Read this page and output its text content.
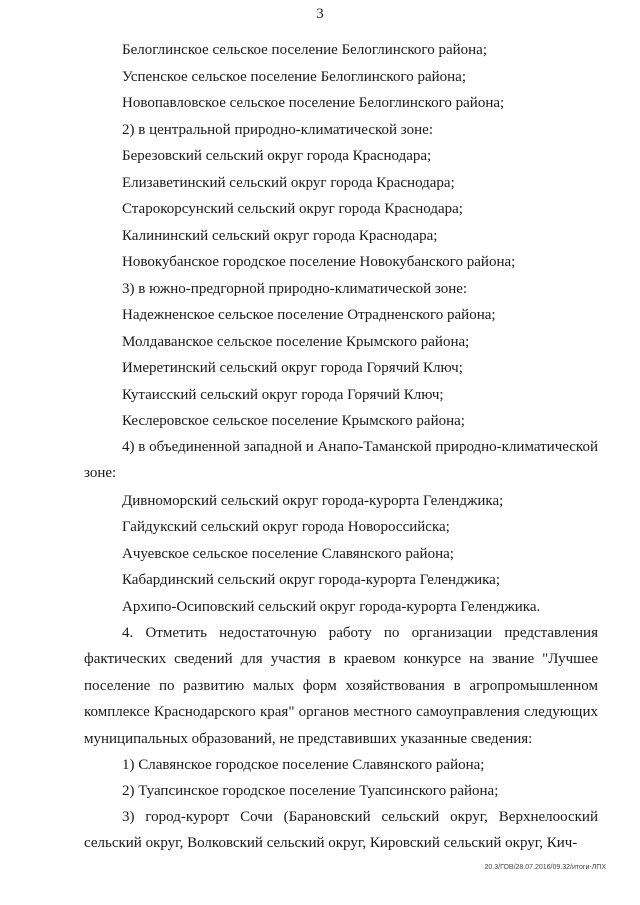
3
Белоглинское сельское поселение Белоглинского района;
Успенское сельское поселение Белоглинского района;
Новопавловское сельское поселение Белоглинского района;
2) в центральной природно-климатической зоне:
Березовский сельский округ города Краснодара;
Елизаветинский сельский округ города Краснодара;
Старокорсунский сельский округ города Краснодара;
Калининский сельский округ города Краснодара;
Новокубанское городское поселение Новокубанского района;
3) в южно-предгорной природно-климатической зоне:
Надежненское сельское поселение Отрадненского района;
Молдаванское сельское поселение Крымского района;
Имеретинский сельский округ города Горячий Ключ;
Кутаисский сельский округ города Горячий Ключ;
Кеслеровское сельское поселение Крымского района;
4) в объединенной западной и Анапо-Таманской природно-климатической зоне:
Дивноморский сельский округ города-курорта Геленджика;
Гайдукский сельский округ города Новороссийска;
Ачуевское сельское поселение Славянского района;
Кабардинский сельский округ города-курорта Геленджика;
Архипо-Осиповский сельский округ города-курорта Геленджика.
4. Отметить недостаточную работу по организации представления фактических сведений для участия в краевом конкурсе на звание "Лучшее поселение по развитию малых форм хозяйствования в агропромышленном комплексе Краснодарского края" органов местного самоуправления следующих муниципальных образований, не представивших указанные сведения:
1) Славянское городское поселение Славянского района;
2) Туапсинское городское поселение Туапсинского района;
3) город-курорт Сочи (Барановский сельский округ, Верхнелооский сельский округ, Волковский сельский округ, Кировский сельский округ, Кич-
20.3/ГОВ/28.07.2016/09.32/итоги-ЛПХ
